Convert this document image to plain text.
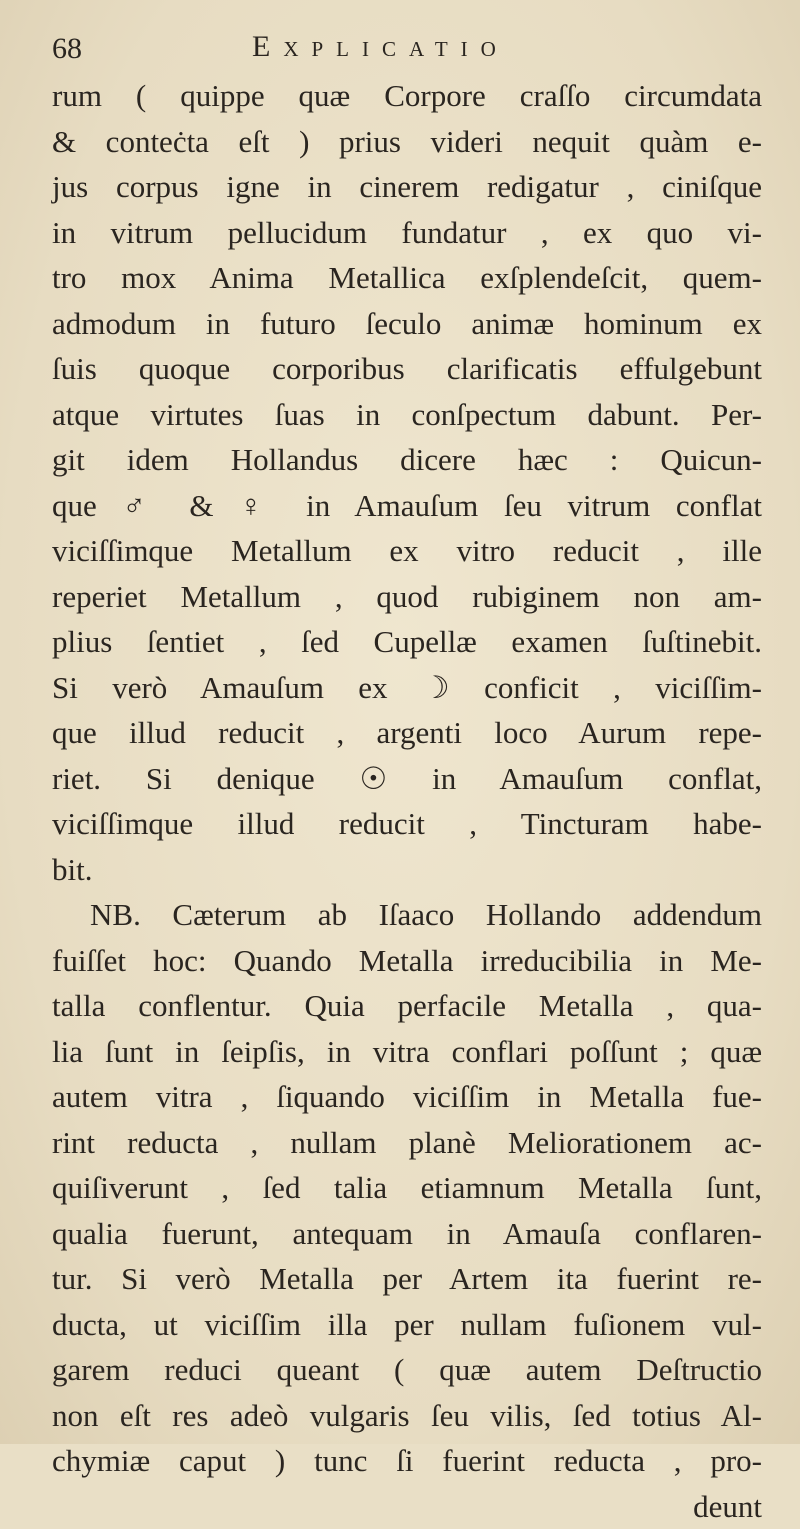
68	Explicatio
rum ( quippe quæ Corpore craſſo circumdata
& conteċta eſt ) prius videri nequit quàm e-
jus corpus igne in cinerem redigatur , ciniſque
in vitrum pellucidum fundatur , ex quo vi-
tro mox Anima Metallica exſplendeſcit, quem-
admodum in futuro ſeculo animæ hominum ex
ſuis quoque corporibus clarificatis effulgebunt
atque virtutes ſuas in conſpectum dabunt. Per-
git idem Hollandus dicere hæc : Quicun-
que ♂ & ♀ in Amauſum ſeu vitrum conflat
viciſſimque Metallum ex vitro reducit , ille
reperiet Metallum , quod rubiginem non am-
plius ſentiet , ſed Cupellæ examen ſuſtinebit.
Si verò Amauſum ex ☽ conficit , viciſſim-
que illud reducit , argenti loco Aurum repe-
riet. Si denique ☉ in Amauſum conflat,
viciſſimque illud reducit , Tincturam habe-
bit.
NB. Cæterum ab Iſaaco Hollando addendum
fuiſſet hoc: Quando Metalla irreducibilia in Me-
talla conflentur. Quia perfacile Metalla , qua-
lia ſunt in ſeipſis, in vitra conflari poſſunt ; quæ
autem vitra , ſiquando viciſſim in Metalla fue-
rint reducta , nullam planè Meliorationem ac-
quiſiverunt , ſed talia etiamnum Metalla ſunt,
qualia fuerunt, antequam in Amauſa conflaren-
tur. Si verò Metalla per Artem ita fuerint re-
ducta, ut viciſſim illa per nullam fuſionem vul-
garem reduci queant ( quæ autem Deſtructio
non eſt res adeò vulgaris ſeu vilis, ſed totius Al-
chymiæ caput ) tunc ſi fuerint reducta , pro-
deunt
